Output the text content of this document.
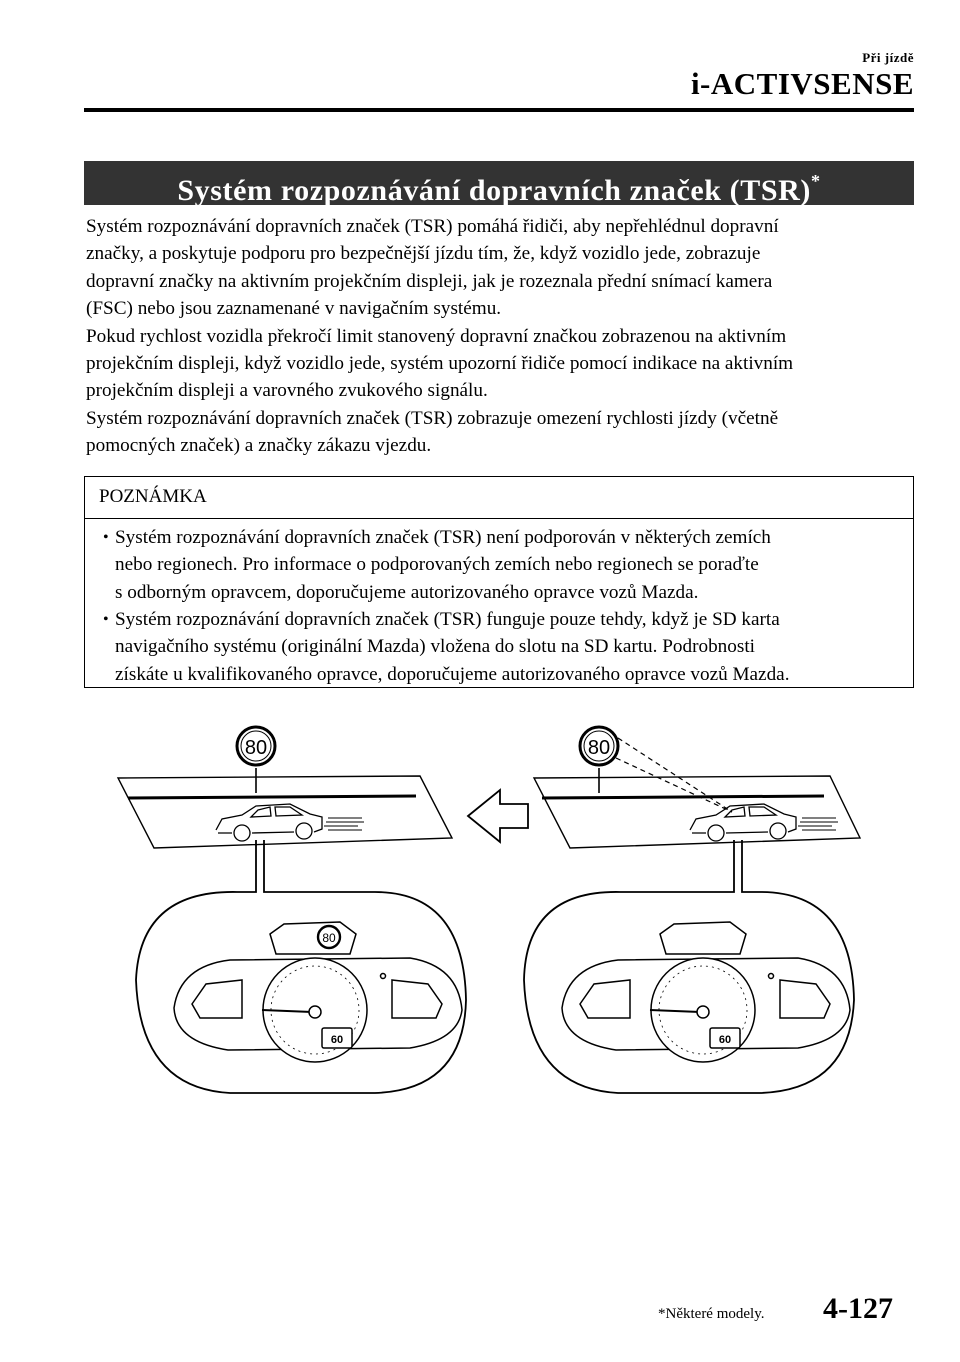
Při jízdě
i-ACTIVSENSE
Systém rozpoznávání dopravních značek (TSR)*

Systém rozpoznávání dopravních značek (TSR) pomáhá řidiči, aby nepřehlédnul dopravní

značky, a poskytuje podporu pro bezpečnější jízdu tím, že, když vozidlo jede, zobrazuje

dopravní značky na aktivním projekčním displeji, jak je rozeznala přední snímací kamera

(FSC) nebo jsou zaznamenané v navigačním systému.

Pokud rychlost vozidla překročí limit stanovený dopravní značkou zobrazenou na aktivním

projekčním displeji, když vozidlo jede, systém upozorní řidiče pomocí indikace na aktivním

projekčním displeji a varovného zvukového signálu.

Systém rozpoznávání dopravních značek (TSR) zobrazuje omezení rychlosti jízdy (včetně

pomocných značek) a značky zákazu vjezdu.

POZNÁMKA
• Systém rozpoznávání dopravních značek (TSR) není podporován v některých zemích
nebo regionech. Pro informace o podporovaných zemích nebo regionech se poraďte
s odborným opravcem, doporučujeme autorizovaného opravce vozů Mazda.
• Systém rozpoznávání dopravních značek (TSR) funguje pouze tehdy, když je SD karta
navigačního systému (originální Mazda) vložena do slotu na SD kartu. Podrobnosti
získáte u kvalifikovaného opravce, doporučujeme autorizovaného opravce vozů Mazda.
80
80
60
80
60
*Některé modely. 4-127
